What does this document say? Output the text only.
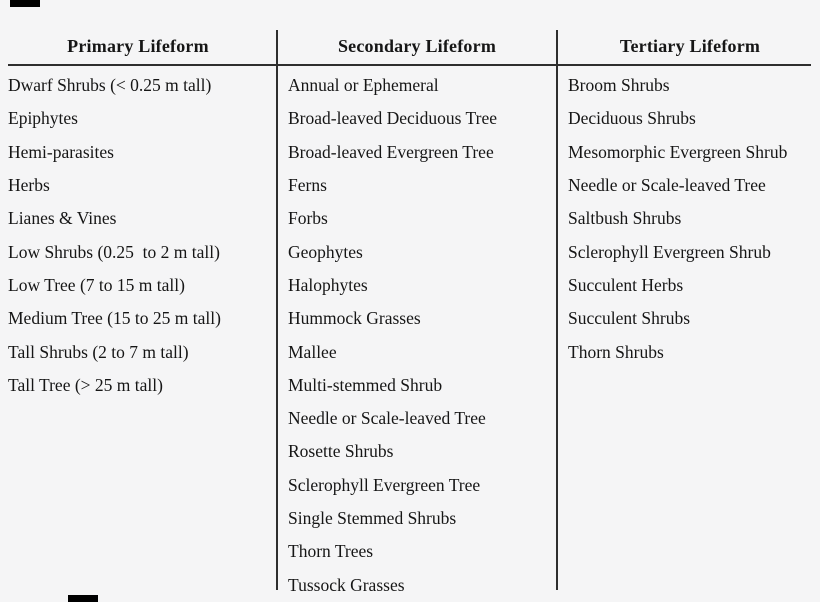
Primary Lifeform	Secondary Lifeform	Tertiary Lifeform
Dwarf Shrubs (< 0.25 m tall)
Epiphytes
Hemi-parasites
Herbs
Lianes & Vines
Low Shrubs (0.25  to 2 m tall)
Low Tree (7 to 15 m tall)
Medium Tree (15 to 25 m tall)
Tall Shrubs (2 to 7 m tall)
Tall Tree (> 25 m tall)
Annual or Ephemeral
Broad-leaved Deciduous Tree
Broad-leaved Evergreen Tree
Ferns
Forbs
Geophytes
Halophytes
Hummock Grasses
Mallee
Multi-stemmed Shrub
Needle or Scale-leaved Tree
Rosette Shrubs
Sclerophyll Evergreen Tree
Single Stemmed Shrubs
Thorn Trees
Tussock Grasses
Broom Shrubs
Deciduous Shrubs
Mesomorphic Evergreen Shrub
Needle or Scale-leaved Tree
Saltbush Shrubs
Sclerophyll Evergreen Shrub
Succulent Herbs
Succulent Shrubs
Thorn Shrubs
